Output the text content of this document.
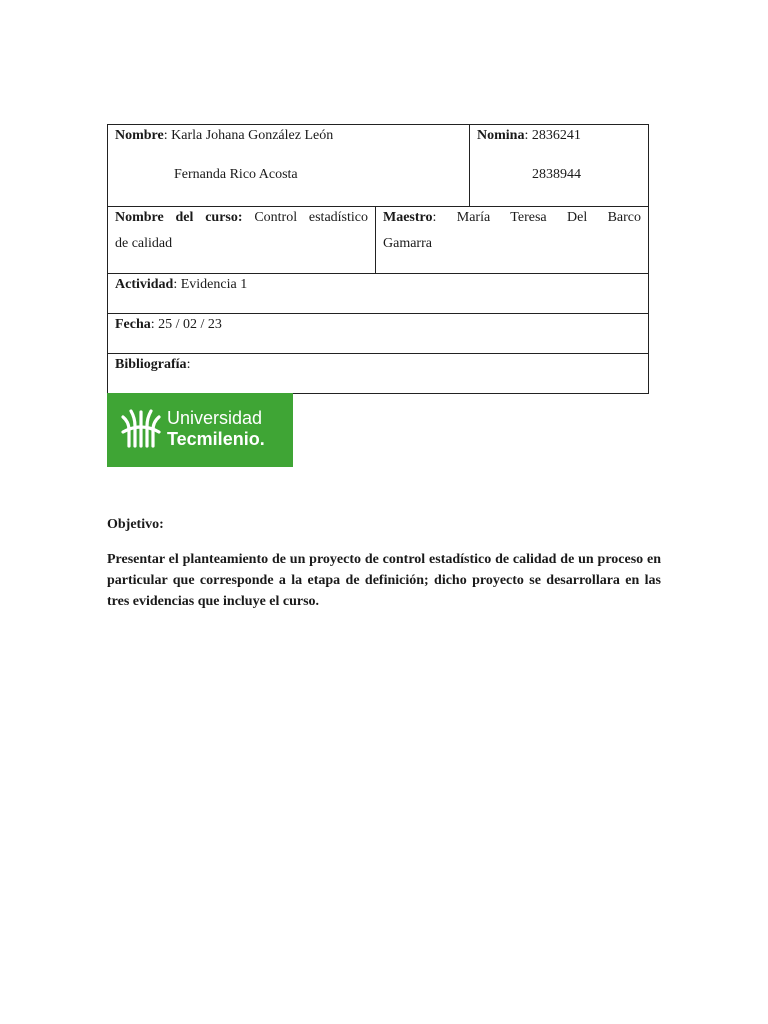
Nombre: Karla Johana González León
Fernanda Rico Acosta
Nomina: 2836241
2838944
Nombre del curso: Control estadístico
de calidad
Maestro: María Teresa Del Barco
Gamarra
Actividad: Evidencia 1
Fecha: 25 / 02 / 23
Bibliografía:
Universidad
Tecmilenio.
Objetivo:
Presentar el planteamiento de un proyecto de control estadístico de calidad de un proceso en particular que corresponde a la etapa de definición; dicho proyecto se desarrollara en las tres evidencias que incluye el curso.
